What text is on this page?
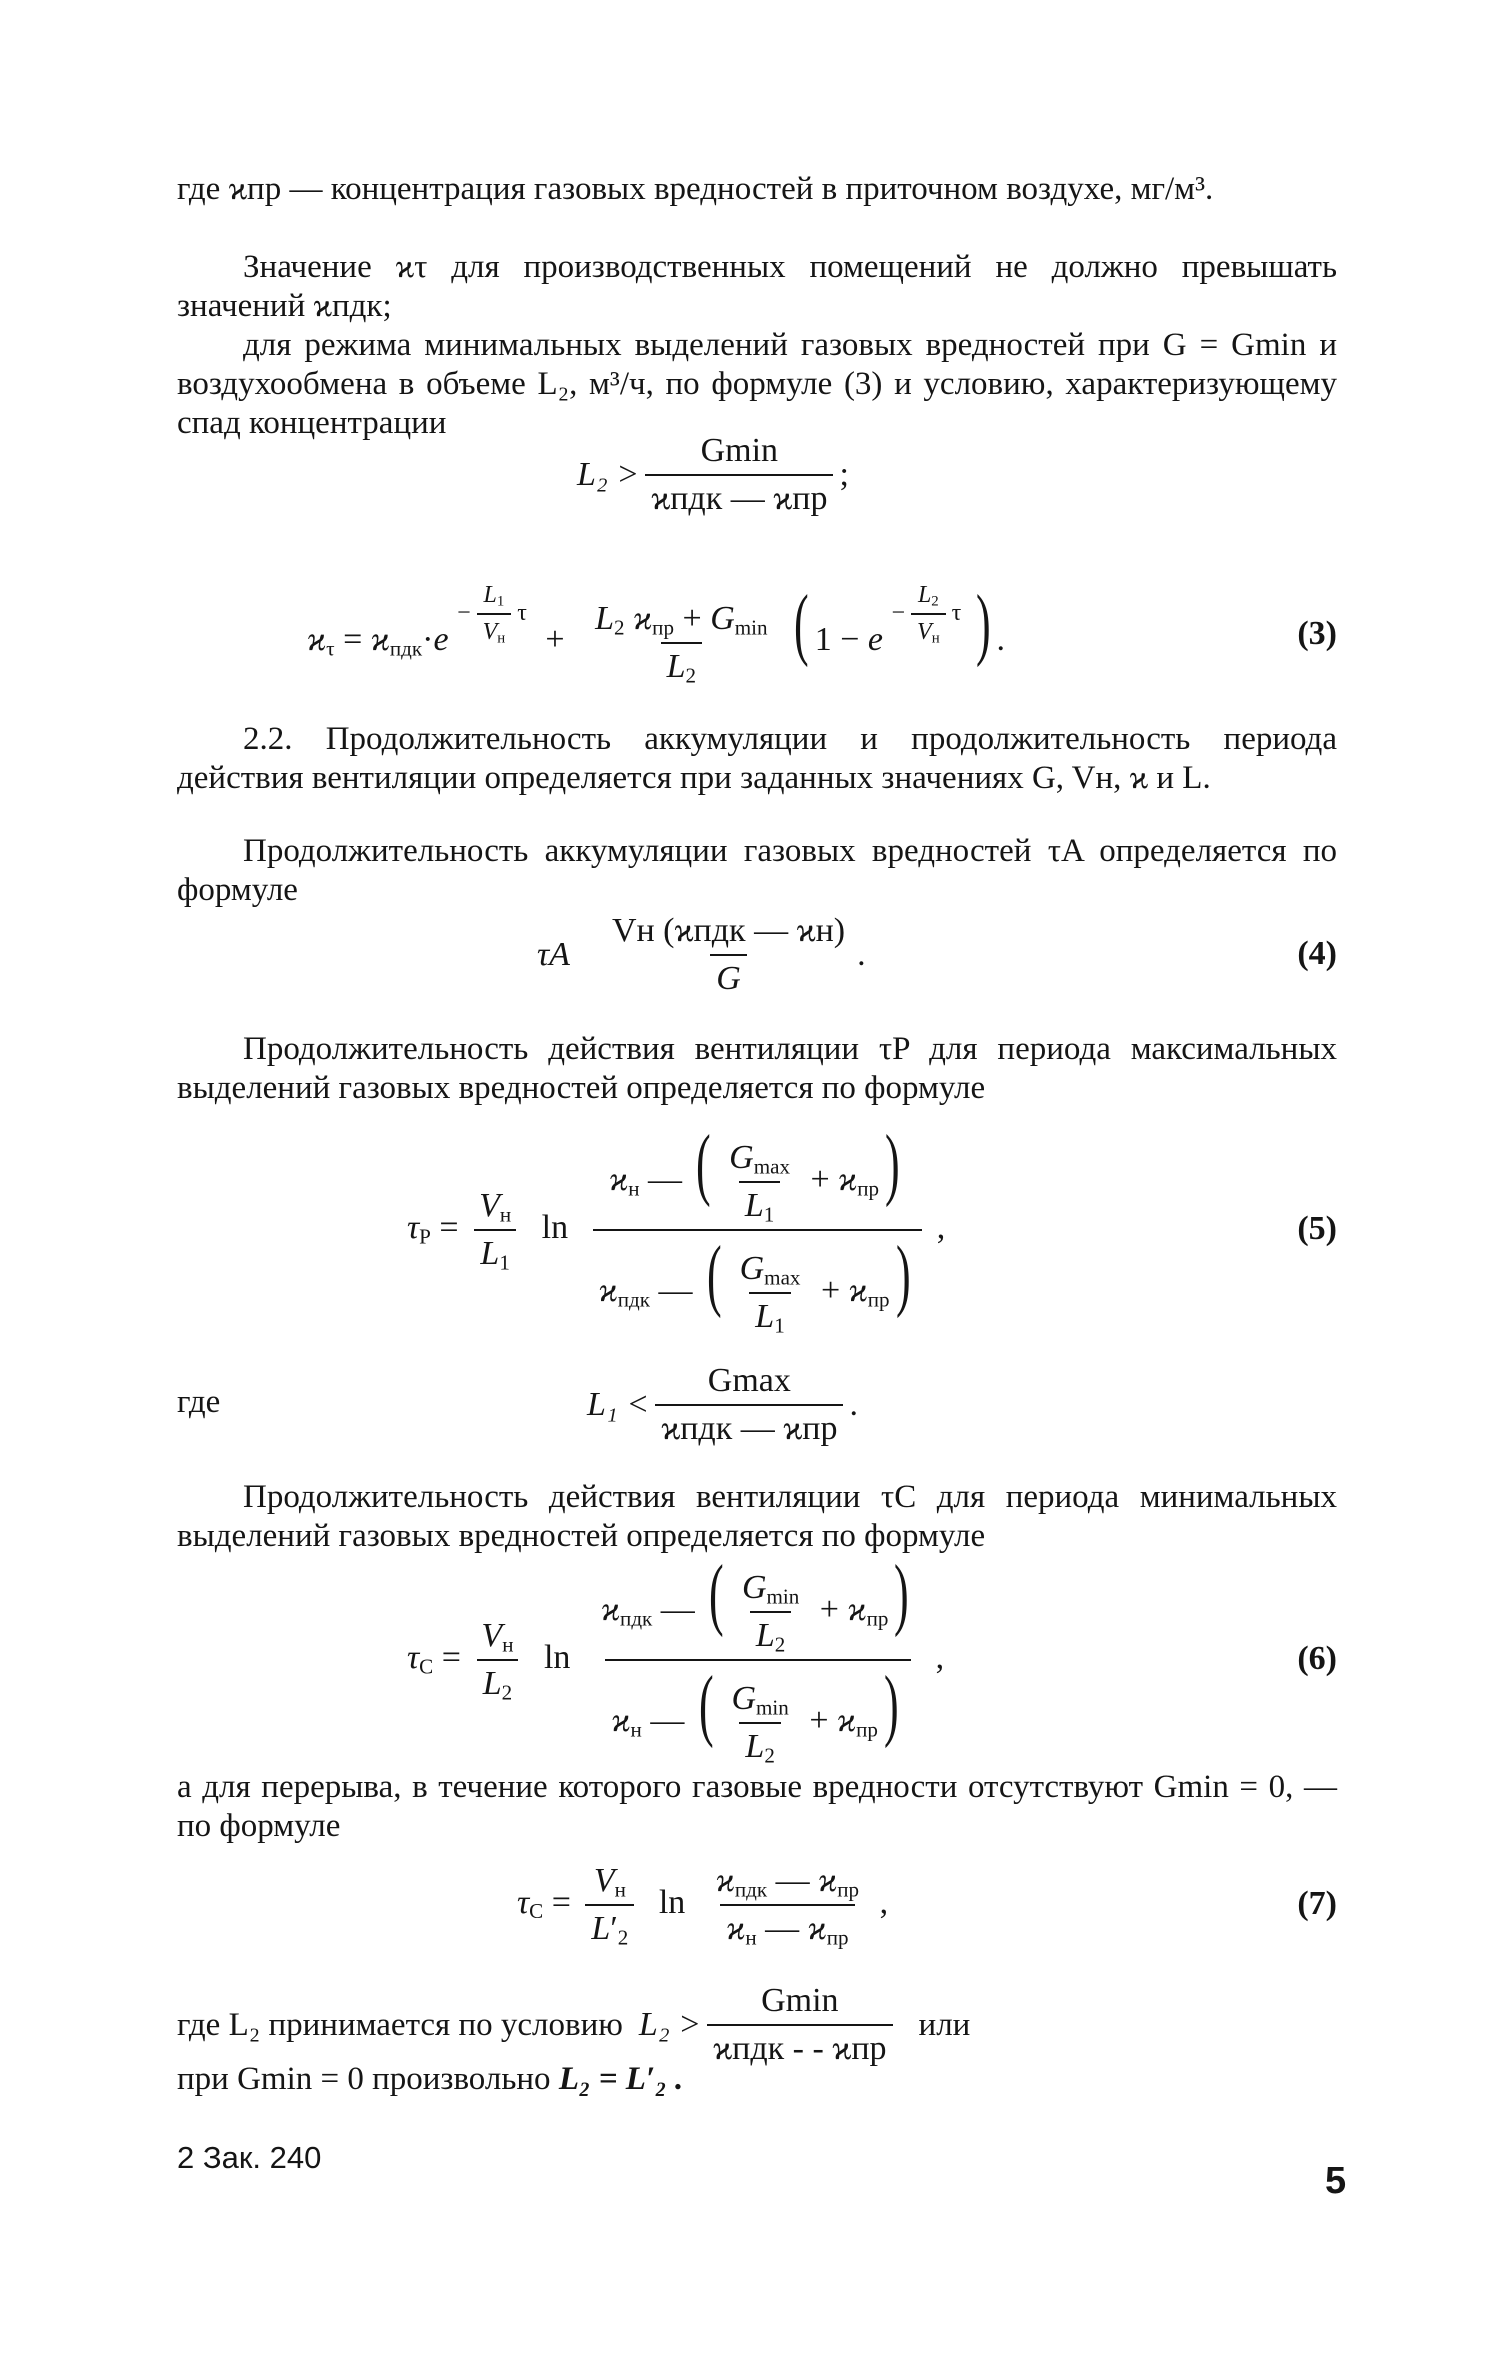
где ϰпр — концентрация газовых вредностей в приточном воздухе, мг/м³.
Значение ϰτ для производственных помещений не должно превышать значений ϰпдк;
для режима минимальных выделений газовых вредностей при G = Gmin и воздухообмена в объеме L₂, м³/ч, по формуле (3) и условию, характеризующему спад концентрации
$L_2 > \frac{Gmin}{\text{ϰпдк — ϰпр}}$ ;
$ϰ_\tau = ϰ_{пдк}\cdot e - \frac{L_1}{V_н}$ $\tau + \frac{L_2 ϰ_{пр} + G_{min}}{L_2}$ ( $1 - e - \frac{L_2}{V_н}$ τ ) .	(3)
2.2. Продолжительность аккумуляции и продолжительность периода действия вентиляции определяется при заданных значениях G, Vн, ϰ и L.
Продолжительность аккумуляции газовых вредностей τA определяется по формуле
τA $\frac{\text{Vн (ϰпдк — ϰн)}}{G}$ .	(4)
Продолжительность действия вентиляции τP для периода максимальных выделений газовых вредностей определяется по формуле
$\tau_P = \frac{V_н}{L_1}$ $\ln \frac{ϰ_н — ( \frac{G_{max}}{L_1} + ϰ_{пр})}{ϰ_{пдк} — ( \frac{G_{max}}{L_1} + ϰ_{пр})}$ ,	(5)
где	$L_1 < \frac{Gmax}{\text{ϰпдк — ϰпр}}$ .
Продолжительность действия вентиляции τC для периода минимальных выделений газовых вредностей определяется по формуле
$\tau_C = \frac{V_н}{L_2}$ $\ln \frac{ϰ_{пдк} — ( \frac{G_{min}}{L_2} + ϰ_{пр})}{ϰ_н — ( \frac{G_{min}}{L_2} + ϰ_{пр})}$ ,	(6)
а для перерыва, в течение которого газовые вредности отсутствуют Gmin = 0, — по формуле
$\tau_C = \frac{V_н}{L'_2}$ $\ln \frac{ϰ_{пдк} — ϰ_{пр}}{ϰ_н — ϰ_{пр}}$ ,	(7)
где L₂ принимается по условию $L_2 > \frac{Gmin}{\text{ϰпдк - - ϰпр}}$ или
при Gmin = 0 произвольно L₂ = L′₂ .
2 Зак. 240
5
